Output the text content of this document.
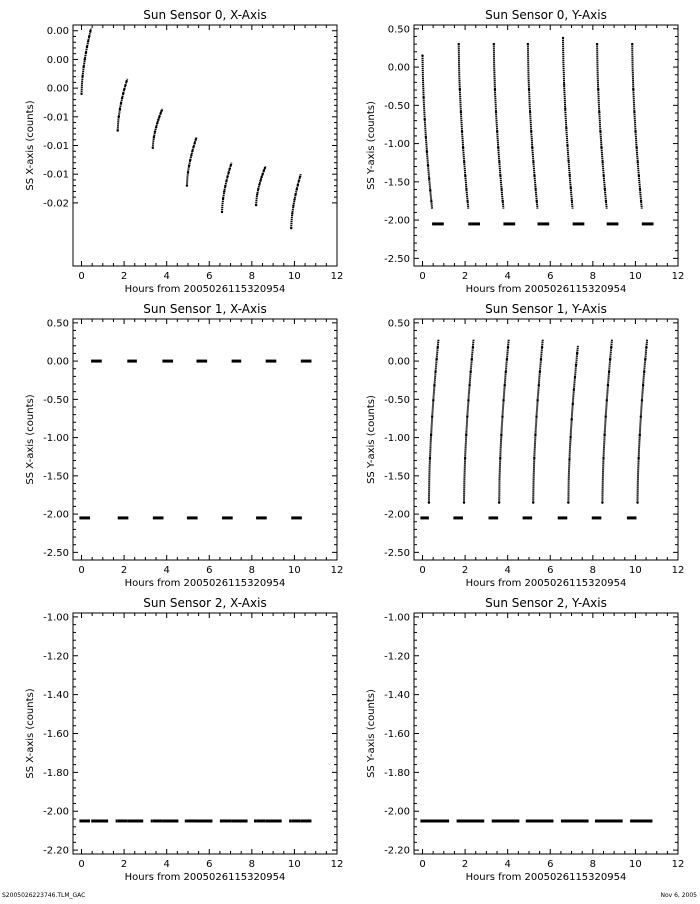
Sun Sensor 0, X-Axis
Hours from 2005026115320954
SS X-axis (counts)
0	2	4	6	8	10	12
0.00
0.00
0.00
-0.01
-0.01
-0.01
-0.02
Sun Sensor 0, Y-Axis
Hours from 2005026115320954
SS Y-axis (counts)
0	2	4	6	8	10	12
0.50
0.00
-0.50
-1.00
-1.50
-2.00
-2.50
Sun Sensor 1, X-Axis
Hours from 2005026115320954
SS X-axis (counts)
0	2	4	6	8	10	12
0.50
0.00
-0.50
-1.00
-1.50
-2.00
-2.50
Sun Sensor 1, Y-Axis
Hours from 2005026115320954
SS Y-axis (counts)
0	2	4	6	8	10	12
0.50
0.00
-0.50
-1.00
-1.50
-2.00
-2.50
Sun Sensor 2, X-Axis
Hours from 2005026115320954
SS X-axis (counts)
0	2	4	6	8	10	12
-1.00
-1.20
-1.40
-1.60
-1.80
-2.00
-2.20
Sun Sensor 2, Y-Axis
Hours from 2005026115320954
SS Y-axis (counts)
0	2	4	6	8	10	12
-1.00
-1.20
-1.40
-1.60
-1.80
-2.00
-2.20
S2005026223746.TLM_GAC	Nov 6, 2005
